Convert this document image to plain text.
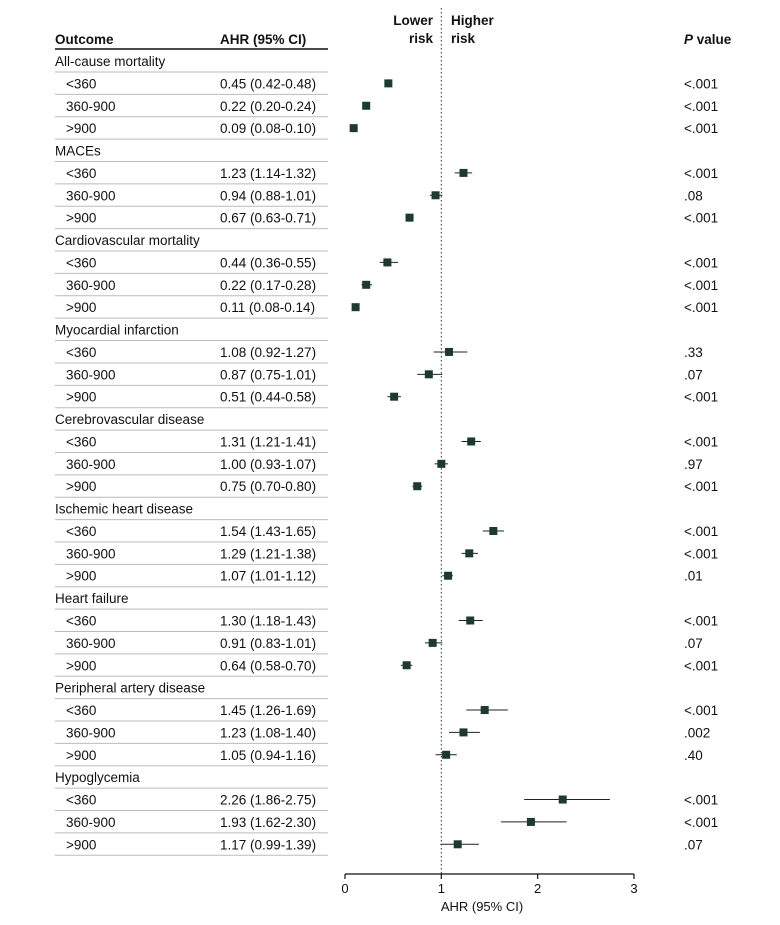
Outcome	AHR (95% CI)	P value
Lower
risk
Higher
risk
All-cause mortality
<360	0.45 (0.42-0.48)	<.001
360-900	0.22 (0.20-0.24)	<.001
>900	0.09 (0.08-0.10)	<.001
MACEs
<360	1.23 (1.14-1.32)	<.001
360-900	0.94 (0.88-1.01)	.08
>900	0.67 (0.63-0.71)	<.001
Cardiovascular mortality
<360	0.44 (0.36-0.55)	<.001
360-900	0.22 (0.17-0.28)	<.001
>900	0.11 (0.08-0.14)	<.001
Myocardial infarction
<360	1.08 (0.92-1.27)	.33
360-900	0.87 (0.75-1.01)	.07
>900	0.51 (0.44-0.58)	<.001
Cerebrovascular disease
<360	1.31 (1.21-1.41)	<.001
360-900	1.00 (0.93-1.07)	.97
>900	0.75 (0.70-0.80)	<.001
Ischemic heart disease
<360	1.54 (1.43-1.65)	<.001
360-900	1.29 (1.21-1.38)	<.001
>900	1.07 (1.01-1.12)	.01
Heart failure
<360	1.30 (1.18-1.43)	<.001
360-900	0.91 (0.83-1.01)	.07
>900	0.64 (0.58-0.70)	<.001
Peripheral artery disease
<360	1.45 (1.26-1.69)	<.001
360-900	1.23 (1.08-1.40)	.002
>900	1.05 (0.94-1.16)	.40
Hypoglycemia
<360	2.26 (1.86-2.75)	<.001
360-900	1.93 (1.62-2.30)	<.001
>900	1.17 (0.99-1.39)	.07
0	1	2	3
AHR (95% CI)
